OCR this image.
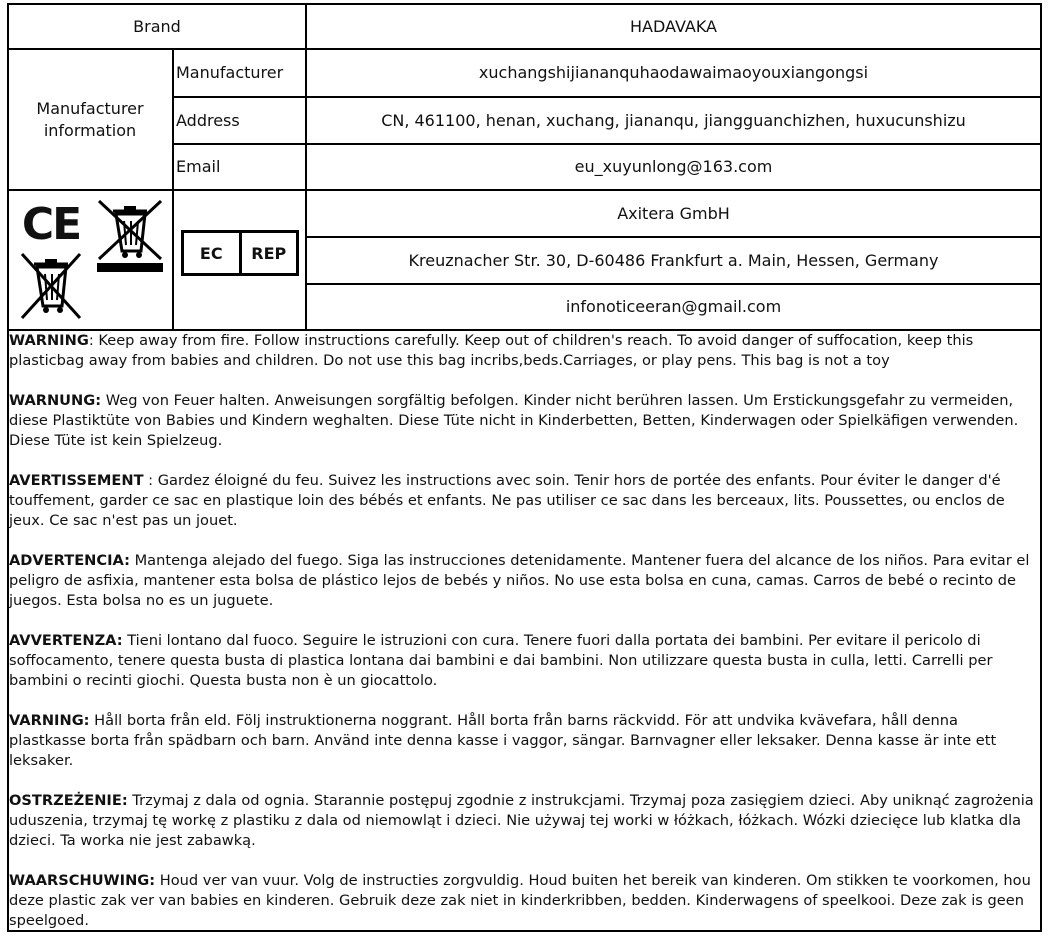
Brand	HADAVAKA
Manufacturer information
Manufacturer	xuchangshijiananquhaodawaimaoyouxiangongsi
Address	CN, 461100, henan, xuchang, jiananqu, jiangguanchizhen, huxucunshizu
Email	eu_xuyunlong@163.com
Axitera GmbH
Kreuznacher Str. 30, D-60486 Frankfurt a. Main, Hessen, Germany
infonoticeeran@gmail.com
CE
EC	REP

WARNING: Keep away from fire. Follow instructions carefully. Keep out of children's reach. To avoid danger of suffocation, keep this plasticbag away from babies and children. Do not use this bag incribs,beds.Carriages, or play pens. This bag is not a toy

WARNUNG: Weg von Feuer halten. Anweisungen sorgfältig befolgen. Kinder nicht berühren lassen. Um Erstickungsgefahr zu vermeiden, diese Plastiktüte von Babies und Kindern weghalten. Diese Tüte nicht in Kinderbetten, Betten, Kinderwagen oder Spielkäfigen verwenden. Diese Tüte ist kein Spielzeug.

AVERTISSEMENT : Gardez éloigné du feu. Suivez les instructions avec soin. Tenir hors de portée des enfants. Pour éviter le danger d'é touffement, garder ce sac en plastique loin des bébés et enfants. Ne pas utiliser ce sac dans les berceaux, lits. Poussettes, ou enclos de jeux. Ce sac n'est pas un jouet.

ADVERTENCIA: Mantenga alejado del fuego. Siga las instrucciones detenidamente. Mantener fuera del alcance de los niños. Para evitar el peligro de asfixia, mantener esta bolsa de plástico lejos de bebés y niños. No use esta bolsa en cuna, camas. Carros de bebé o recinto de juegos. Esta bolsa no es un juguete.

AVVERTENZA: Tieni lontano dal fuoco. Seguire le istruzioni con cura. Tenere fuori dalla portata dei bambini. Per evitare il pericolo di soffocamento, tenere questa busta di plastica lontana dai bambini e dai bambini. Non utilizzare questa busta in culla, letti. Carrelli per bambini o recinti giochi. Questa busta non è un giocattolo.

VARNING: Håll borta från eld. Följ instruktionerna noggrant. Håll borta från barns räckvidd. För att undvika kvävefara, håll denna plastkasse borta från spädbarn och barn. Använd inte denna kasse i vaggor, sängar. Barnvagner eller leksaker. Denna kasse är inte ett leksaker.

OSTRZEŻENIE: Trzymaj z dala od ognia. Starannie postępuj zgodnie z instrukcjami. Trzymaj poza zasięgiem dzieci. Aby uniknąć zagrożenia uduszenia, trzymaj tę workę z plastiku z dala od niemowląt i dzieci. Nie używaj tej worki w łóżkach, łóżkach. Wózki dziecięce lub klatka dla dzieci. Ta worka nie jest zabawką.

WAARSCHUWING: Houd ver van vuur. Volg de instructies zorgvuldig. Houd buiten het bereik van kinderen. Om stikken te voorkomen, hou deze plastic zak ver van babies en kinderen. Gebruik deze zak niet in kinderkribben, bedden. Kinderwagens of speelkooi. Deze zak is geen speelgoed.
